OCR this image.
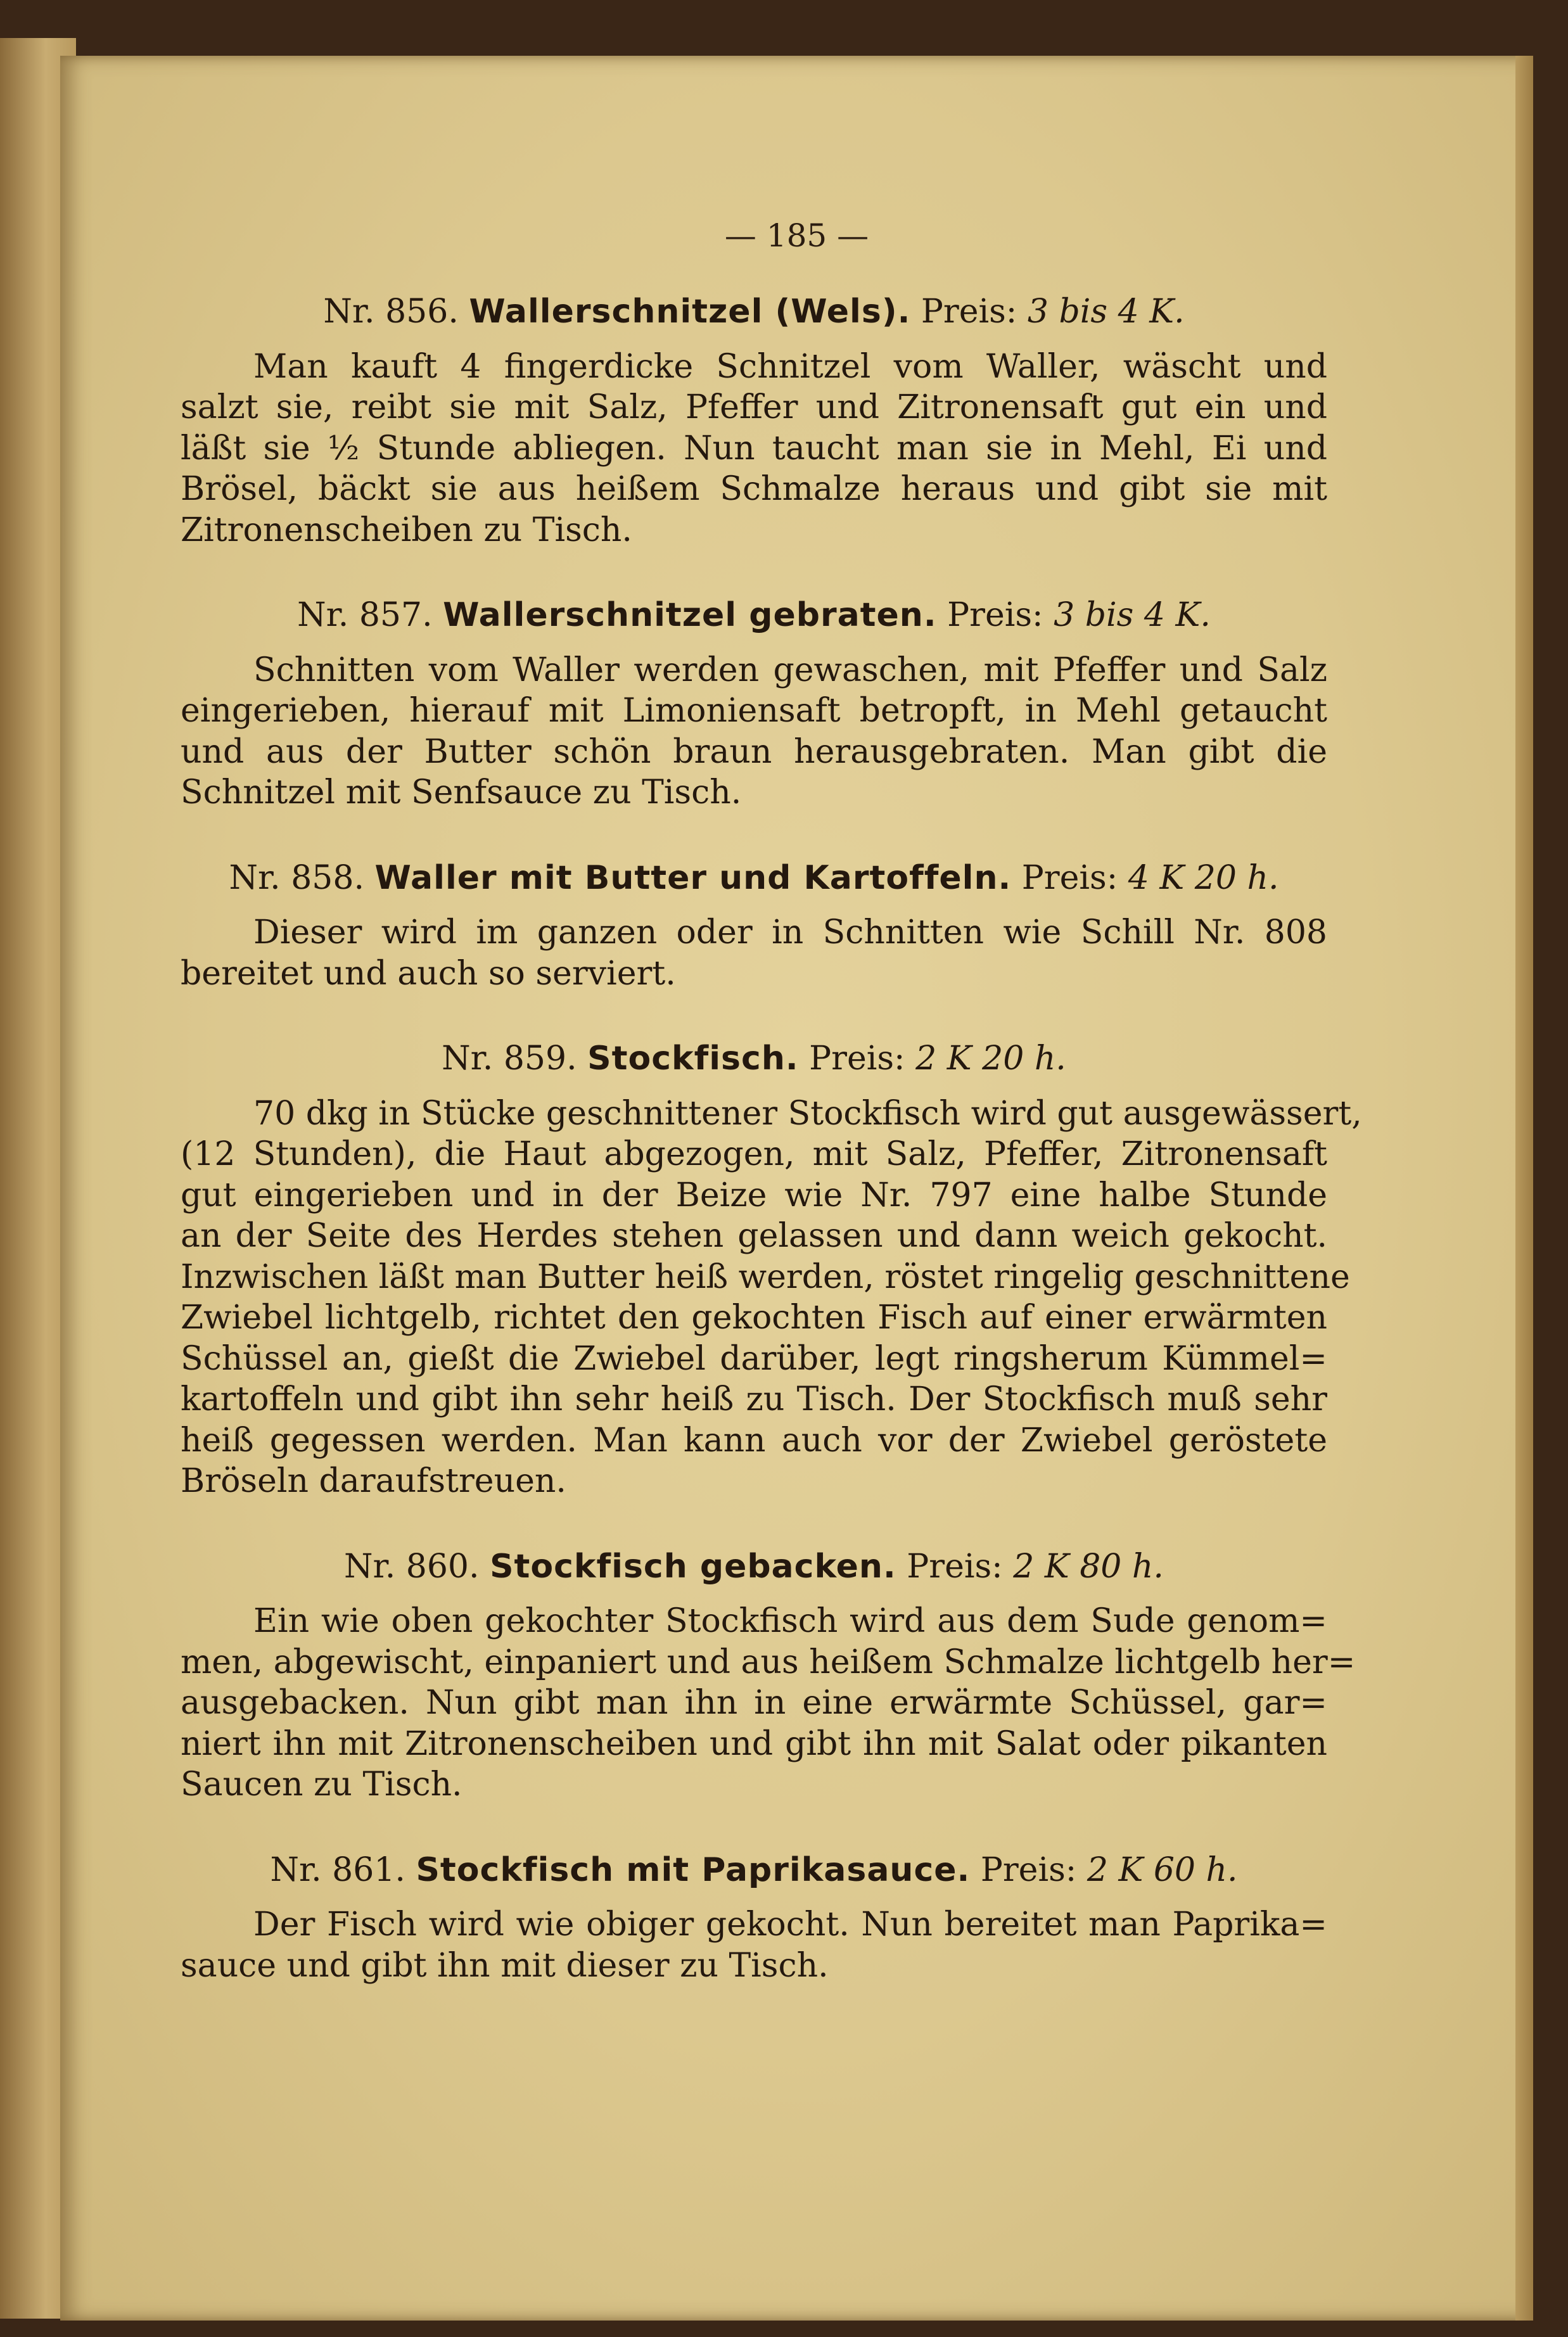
— 185 —
Nr. 856. Wallerschnitzel (Wels). Preis: 3 bis 4 K.
Man kauft 4 fingerdicke Schnitzel vom Waller, wäscht und
salzt sie, reibt sie mit Salz, Pfeffer und Zitronensaft gut ein und
läßt sie ½ Stunde abliegen. Nun taucht man sie in Mehl, Ei und
Brösel, bäckt sie aus heißem Schmalze heraus und gibt sie mit
Zitronenscheiben zu Tisch.
Nr. 857. Wallerschnitzel gebraten. Preis: 3 bis 4 K.
Schnitten vom Waller werden gewaschen, mit Pfeffer und Salz
eingerieben, hierauf mit Limoniensaft betropft, in Mehl getaucht
und aus der Butter schön braun herausgebraten. Man gibt die
Schnitzel mit Senfsauce zu Tisch.
Nr. 858. Waller mit Butter und Kartoffeln. Preis: 4 K 20 h.
Dieser wird im ganzen oder in Schnitten wie Schill Nr. 808
bereitet und auch so serviert.
Nr. 859. Stockfisch. Preis: 2 K 20 h.
70 dkg in Stücke geschnittener Stockfisch wird gut ausgewässert,
(12 Stunden), die Haut abgezogen, mit Salz, Pfeffer, Zitronensaft
gut eingerieben und in der Beize wie Nr. 797 eine halbe Stunde
an der Seite des Herdes stehen gelassen und dann weich gekocht.
Inzwischen läßt man Butter heiß werden, röstet ringelig geschnittene
Zwiebel lichtgelb, richtet den gekochten Fisch auf einer erwärmten
Schüssel an, gießt die Zwiebel darüber, legt ringsherum Kümmel=
kartoffeln und gibt ihn sehr heiß zu Tisch. Der Stockfisch muß sehr
heiß gegessen werden. Man kann auch vor der Zwiebel geröstete
Bröseln daraufstreuen.
Nr. 860. Stockfisch gebacken. Preis: 2 K 80 h.
Ein wie oben gekochter Stockfisch wird aus dem Sude genom=
men, abgewischt, einpaniert und aus heißem Schmalze lichtgelb her=
ausgebacken. Nun gibt man ihn in eine erwärmte Schüssel, gar=
niert ihn mit Zitronenscheiben und gibt ihn mit Salat oder pikanten
Saucen zu Tisch.
Nr. 861. Stockfisch mit Paprikasauce. Preis: 2 K 60 h.
Der Fisch wird wie obiger gekocht. Nun bereitet man Paprika=
sauce und gibt ihn mit dieser zu Tisch.
